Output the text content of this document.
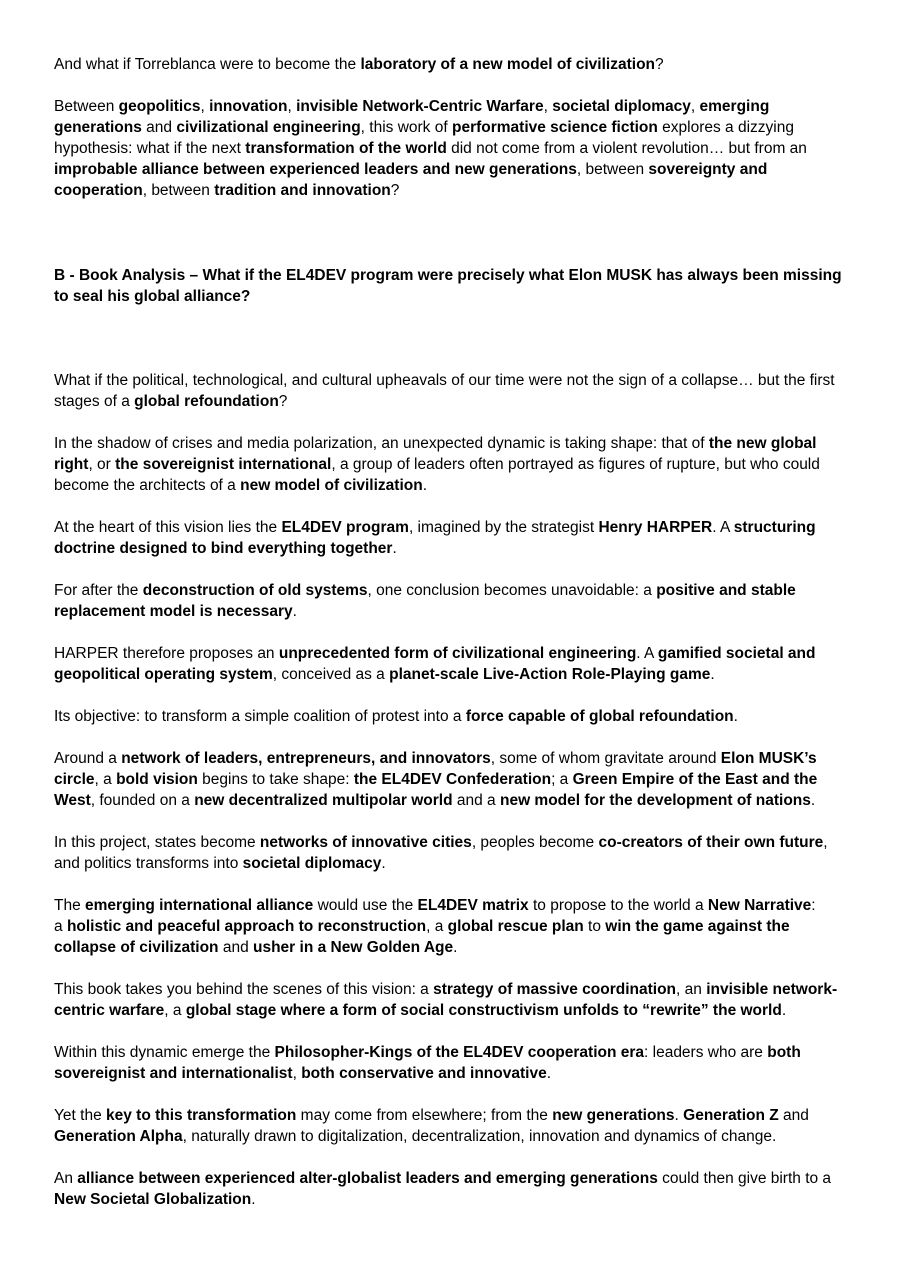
And what if Torreblanca were to become the laboratory of a new model of civilization?

Between geopolitics, innovation, invisible Network-Centric Warfare, societal diplomacy, emerging generations and civilizational engineering, this work of performative science fiction explores a dizzying hypothesis: what if the next transformation of the world did not come from a violent revolution… but from an improbable alliance between experienced leaders and new generations, between sovereignty and cooperation, between tradition and innovation?

B - Book Analysis – What if the EL4DEV program were precisely what Elon MUSK has always been missing to seal his global alliance?

What if the political, technological, and cultural upheavals of our time were not the sign of a collapse… but the first stages of a global refoundation?

In the shadow of crises and media polarization, an unexpected dynamic is taking shape: that of the new global right, or the sovereignist international, a group of leaders often portrayed as figures of rupture, but who could become the architects of a new model of civilization.

At the heart of this vision lies the EL4DEV program, imagined by the strategist Henry HARPER. A structuring doctrine designed to bind everything together.

For after the deconstruction of old systems, one conclusion becomes unavoidable: a positive and stable replacement model is necessary.

HARPER therefore proposes an unprecedented form of civilizational engineering. A gamified societal and geopolitical operating system, conceived as a planet-scale Live-Action Role-Playing game.

Its objective: to transform a simple coalition of protest into a force capable of global refoundation.

Around a network of leaders, entrepreneurs, and innovators, some of whom gravitate around Elon MUSK’s circle, a bold vision begins to take shape: the EL4DEV Confederation; a Green Empire of the East and the West, founded on a new decentralized multipolar world and a new model for the development of nations.

In this project, states become networks of innovative cities, peoples become co-creators of their own future, and politics transforms into societal diplomacy.

The emerging international alliance would use the EL4DEV matrix to propose to the world a New Narrative:
a holistic and peaceful approach to reconstruction, a global rescue plan to win the game against the collapse of civilization and usher in a New Golden Age.

This book takes you behind the scenes of this vision: a strategy of massive coordination, an invisible network-centric warfare, a global stage where a form of social constructivism unfolds to “rewrite” the world.

Within this dynamic emerge the Philosopher-Kings of the EL4DEV cooperation era: leaders who are both sovereignist and internationalist, both conservative and innovative.

Yet the key to this transformation may come from elsewhere; from the new generations. Generation Z and Generation Alpha, naturally drawn to digitalization, decentralization, innovation and dynamics of change.

An alliance between experienced alter-globalist leaders and emerging generations could then give birth to a New Societal Globalization.
